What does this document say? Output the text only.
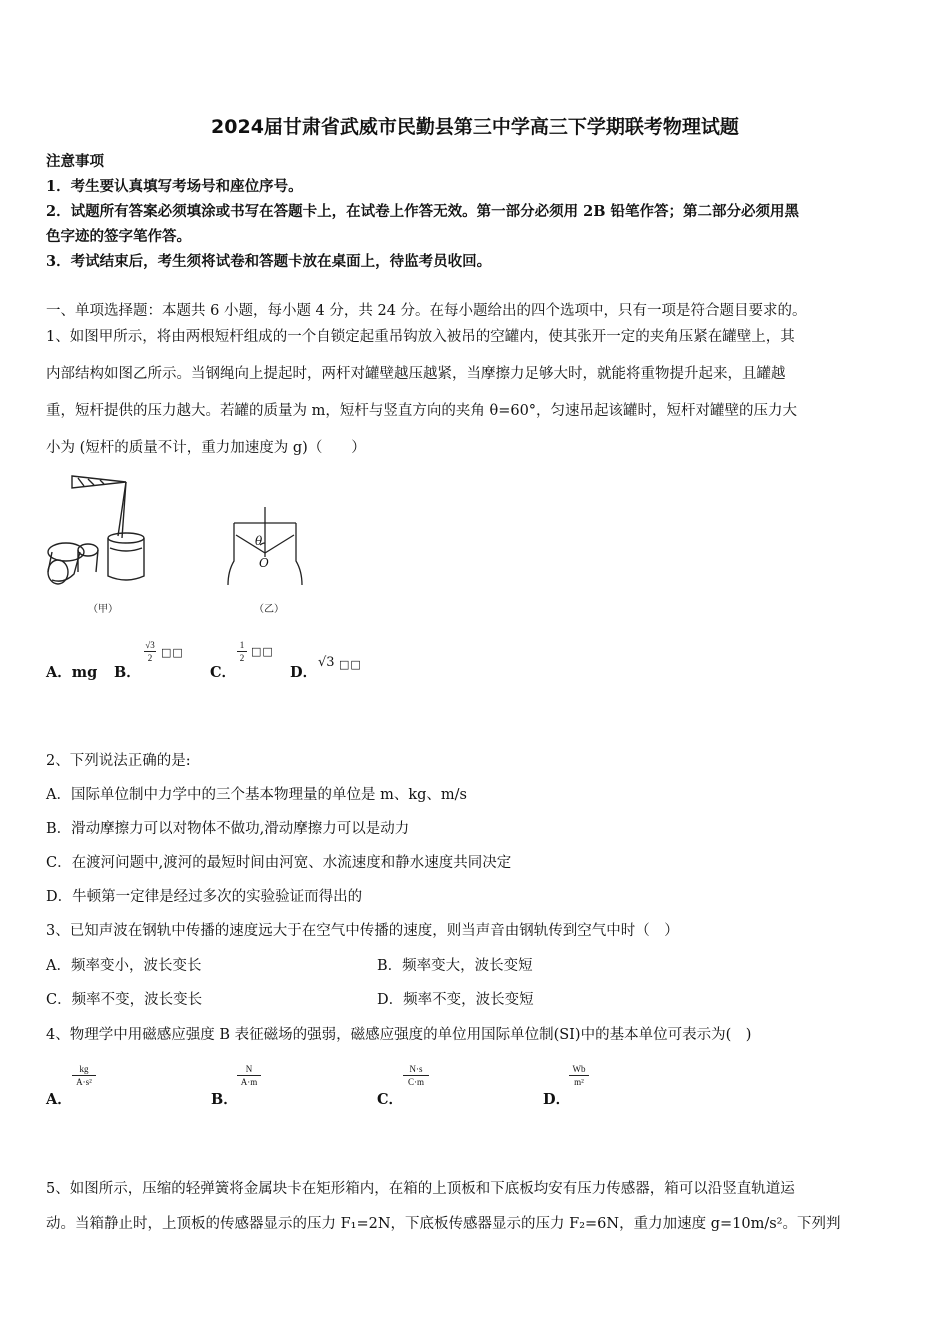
2024届甘肃省武威市民勤县第三中学高三下学期联考物理试题
注意事项
1．考生要认真填写考场号和座位序号。
2．试题所有答案必须填涂或书写在答题卡上，在试卷上作答无效。第一部分必须用 2B 铅笔作答；第二部分必须用黑
色字迹的签字笔作答。
3．考试结束后，考生须将试卷和答题卡放在桌面上，待监考员收回。
一、单项选择题：本题共 6 小题，每小题 4 分，共 24 分。在每小题给出的四个选项中，只有一项是符合题目要求的。
1、如图甲所示，将由两根短杆组成的一个自锁定起重吊钩放入被吊的空罐内，使其张开一定的夹角压紧在罐壁上，其
内部结构如图乙所示。当钢绳向上提起时，两杆对罐壁越压越紧，当摩擦力足够大时，就能将重物提升起来，且罐越
重，短杆提供的压力越大。若罐的质量为 m，短杆与竖直方向的夹角 θ=60°，匀速吊起该罐时，短杆对罐壁的压力大
小为 (短杆的质量不计，重力加速度为 g)（　　）
（甲）
θ
O
（乙）
A．mg B．
√3
2 □□
C．
1
2 □□
D．
√3 □□
2、下列说法正确的是:
A．国际单位制中力学中的三个基本物理量的单位是 m、kg、m/s
B．滑动摩擦力可以对物体不做功,滑动摩擦力可以是动力
C．在渡河问题中,渡河的最短时间由河宽、水流速度和静水速度共同决定
D．牛顿第一定律是经过多次的实验验证而得出的
3、已知声波在钢轨中传播的速度远大于在空气中传播的速度，则当声音由钢轨传到空气中时（　）
A．频率变小，波长变长	B．频率变大，波长变短
C．频率不变，波长变长	D．频率不变，波长变短
4、物理学中用磁感应强度 B 表征磁场的强弱，磁感应强度的单位用国际单位制(SI)中的基本单位可表示为(　)
A．
kg
A·s²
B．
N
A·m
C．
N·s
C·m
D．
Wb
m²
5、如图所示，压缩的轻弹簧将金属块卡在矩形箱内，在箱的上顶板和下底板均安有压力传感器，箱可以沿竖直轨道运
动。当箱静止时，上顶板的传感器显示的压力 F₁=2N，下底板传感器显示的压力 F₂=6N，重力加速度 g=10m/s²。下列判
